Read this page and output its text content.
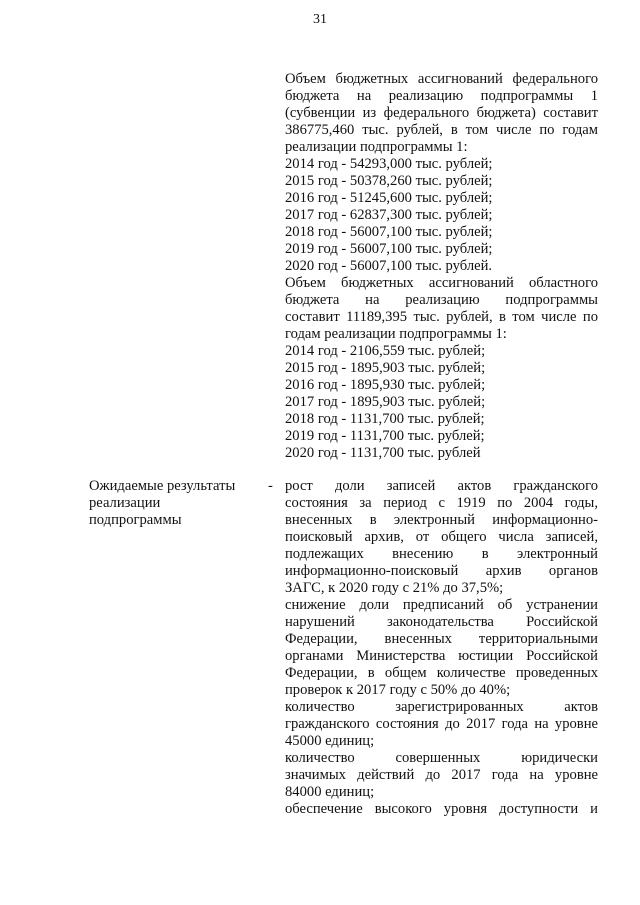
31
Объем бюджетных ассигнований федерального
бюджета на реализацию подпрограммы 1
(субвенции из федерального бюджета) составит
386775,460 тыс. рублей, в том числе по годам
реализации подпрограммы 1:
2014 год - 54293,000 тыс. рублей;
2015 год - 50378,260 тыс. рублей;
2016 год - 51245,600 тыс. рублей;
2017 год - 62837,300 тыс. рублей;
2018 год - 56007,100 тыс. рублей;
2019 год - 56007,100 тыс. рублей;
2020 год - 56007,100 тыс. рублей.
Объем бюджетных ассигнований областного
бюджета на реализацию подпрограммы
составит 11189,395 тыс. рублей, в том числе по
годам реализации подпрограммы 1:
2014 год - 2106,559 тыс. рублей;
2015 год - 1895,903 тыс. рублей;
2016 год - 1895,930 тыс. рублей;
2017 год - 1895,903 тыс. рублей;
2018 год - 1131,700 тыс. рублей;
2019 год - 1131,700 тыс. рублей;
2020 год - 1131,700 тыс. рублей
Ожидаемые результаты
реализации
подпрограммы
- рост доли записей актов гражданского
состояния за период с 1919 по 2004 годы,
внесенных в электронный информационно-
поисковый архив, от общего числа записей,
подлежащих внесению в электронный
информационно-поисковый архив органов
ЗАГС, к 2020 году с 21% до 37,5%;
снижение доли предписаний об устранении
нарушений законодательства Российской
Федерации, внесенных территориальными
органами Министерства юстиции Российской
Федерации, в общем количестве проведенных
проверок к 2017 году с 50% до 40%;
количество зарегистрированных актов
гражданского состояния до 2017 года на уровне
45000 единиц;
количество совершенных юридически
значимых действий до 2017 года на уровне
84000 единиц;
обеспечение высокого уровня доступности и
